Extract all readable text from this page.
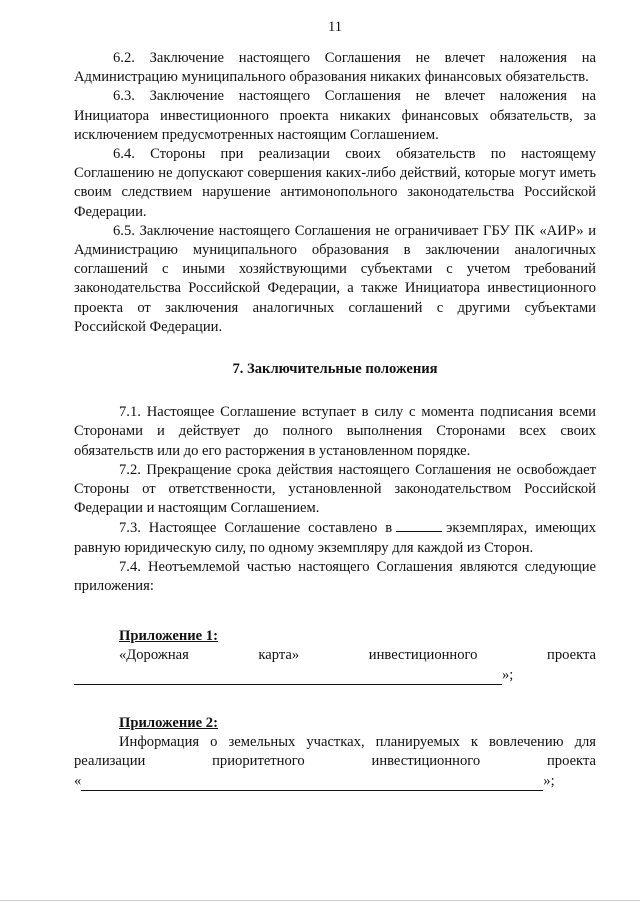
11

6.2. Заключение настоящего Соглашения не влечет наложения на Администрацию муниципального образования никаких финансовых обязательств.

6.3. Заключение настоящего Соглашения не влечет наложения на Инициатора инвестиционного проекта никаких финансовых обязательств, за исключением предусмотренных настоящим Соглашением.

6.4. Стороны при реализации своих обязательств по настоящему Соглашению не допускают совершения каких-либо действий, которые могут иметь своим следствием нарушение антимонопольного законодательства Российской Федерации.

6.5. Заключение настоящего Соглашения не ограничивает ГБУ ПК «АИР» и Администрацию муниципального образования в заключении аналогичных соглашений с иными хозяйствующими субъектами с учетом требований законодательства Российской Федерации, а также Инициатора инвестиционного проекта от заключения аналогичных соглашений с другими субъектами Российской Федерации.

7. Заключительные положения

7.1. Настоящее Соглашение вступает в силу с момента подписания всеми Сторонами и действует до полного выполнения Сторонами всех своих обязательств или до его расторжения в установленном порядке.

7.2. Прекращение срока действия настоящего Соглашения не освобождает Стороны от ответственности, установленной законодательством Российской Федерации и настоящим Соглашением.

7.3. Настоящее Соглашение составлено в	экземплярах, имеющих равную юридическую силу, по одному экземпляру для каждой из Сторон.

7.4. Неотъемлемой частью настоящего Соглашения являются следующие приложения:

Приложение 1:

«Дорожная карта» инвестиционного проекта

»;
Приложение 2:

Информация о земельных участках, планируемых к вовлечению для

реализации приоритетного инвестиционного проекта

«	»;
